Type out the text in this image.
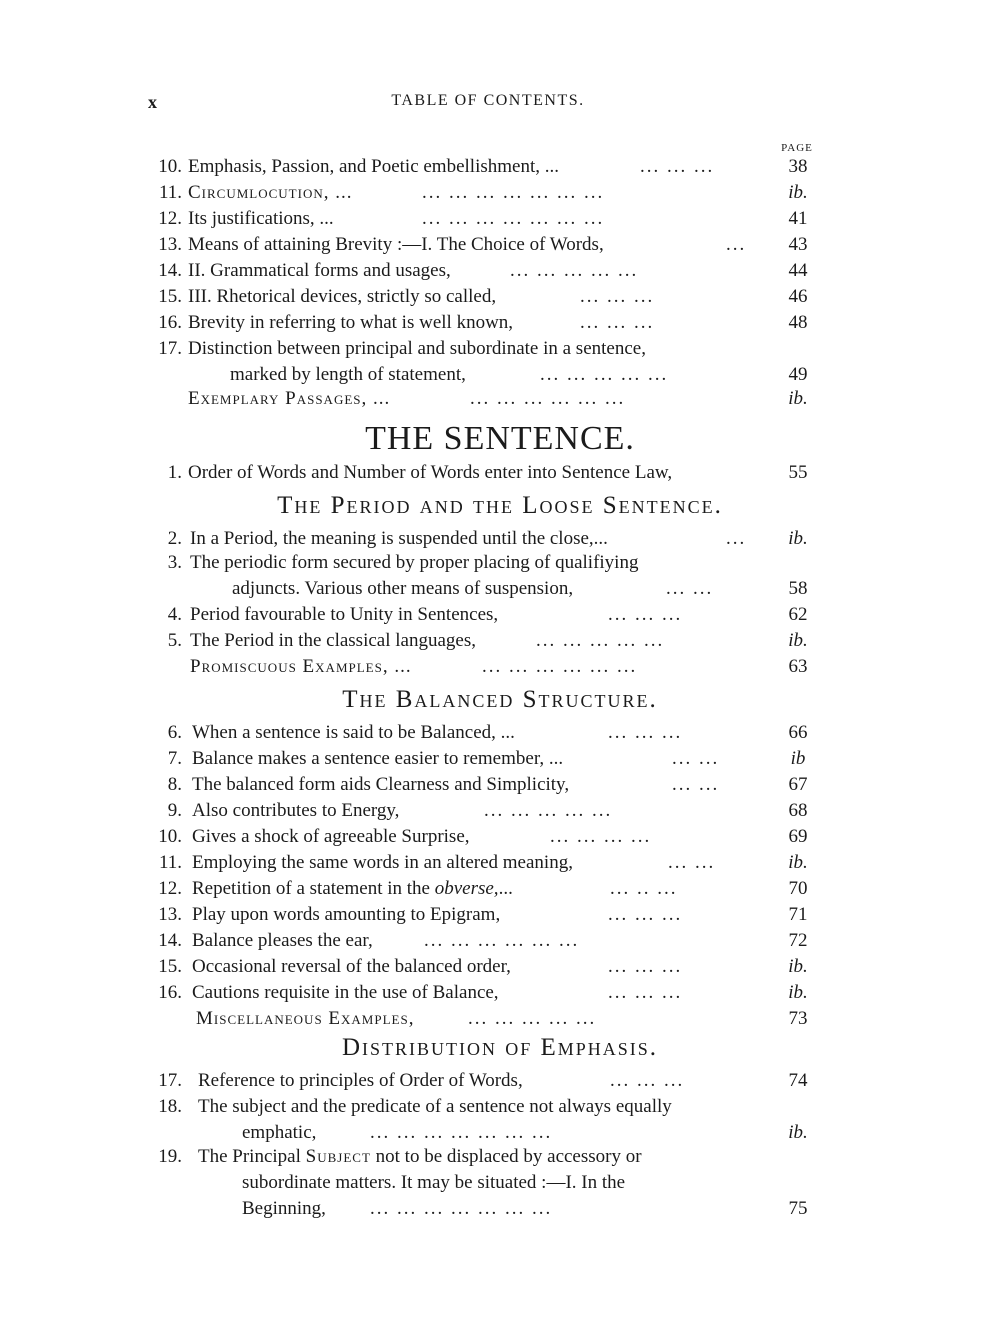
x	TABLE OF CONTENTS.
PAGE
10. Emphasis, Passion, and Poetic embellishment, ...	... ... ...	38
11. Circumlocution, ...	... ... ... ... ... ... ...	ib.
12. Its justifications, ...	... ... ... ... ... ... ...	41
13. Means of attaining Brevity :—I. The Choice of Words,	...	43
14. II. Grammatical forms and usages,	... ... ... ... ...	44
15. III. Rhetorical devices, strictly so called,	... ... ...	46
16. Brevity in referring to what is well known,	... ... ...	48
17. Distinction between principal and subordinate in a sentence,
marked by length of statement,	... ... ... ... ...	49
Exemplary Passages, ...	... ... ... ... ... ...	ib.
THE SENTENCE.
1. Order of Words and Number of Words enter into Sentence Law,	55
The Period and the Loose Sentence.
2. In a Period, the meaning is suspended until the close,...	...	ib.
3. The periodic form secured by proper placing of qualifiying
adjuncts. Various other means of suspension,	... ...	58
4. Period favourable to Unity in Sentences,	... ... ...	62
5. The Period in the classical languages,	... ... ... ... ...	ib.
Promiscuous Examples, ...	... ... ... ... ... ...	63
The Balanced Structure.
6. When a sentence is said to be Balanced, ...	... ... ...	66
7. Balance makes a sentence easier to remember, ...	... ...	ib
8. The balanced form aids Clearness and Simplicity,	... ...	67
9. Also contributes to Energy,	... ... ... ... ...	68
10. Gives a shock of agreeable Surprise,	... ... ... ...	69
11. Employing the same words in an altered meaning,	... ...	ib.
12. Repetition of a statement in the obverse,...	... .. ...	70
13. Play upon words amounting to Epigram,	... ... ...	71
14. Balance pleases the ear,	... ... ... ... ... ...	72
15. Occasional reversal of the balanced order,	... ... ...	ib.
16. Cautions requisite in the use of Balance,	... ... ...	ib.
Miscellaneous Examples,	... ... ... ... ...	73
Distribution of Emphasis.
17. Reference to principles of Order of Words,	... ... ...	74
18. The subject and the predicate of a sentence not always equally
emphatic,	... ... ... ... ... ... ...	ib.
19. The Principal Subject not to be displaced by accessory or
subordinate matters. It may be situated :—I. In the
Beginning, ... ... ... ... ... ... ...	75
